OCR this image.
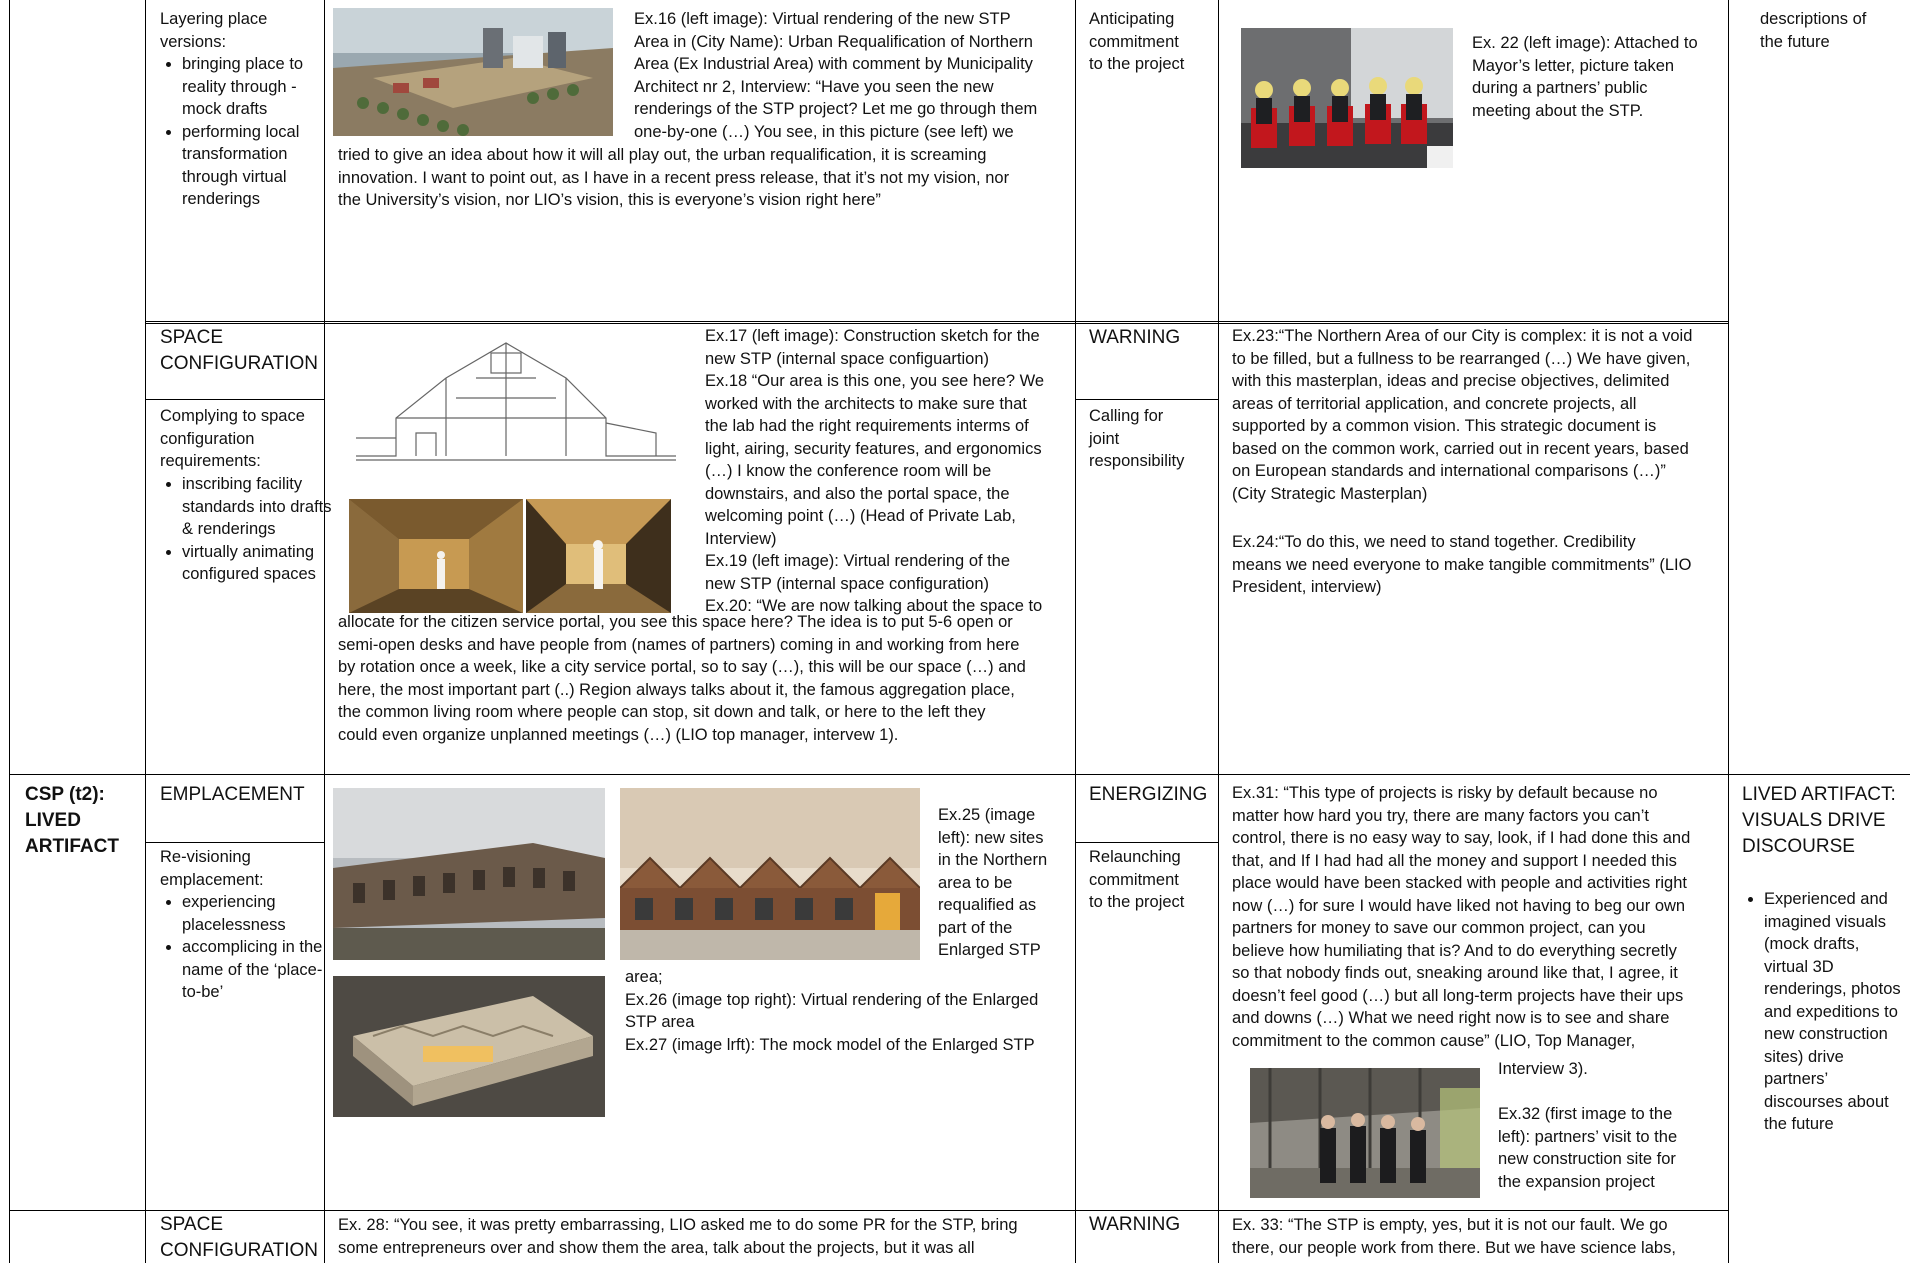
Layering place
versions:

• bringing place to reality through -mock drafts
• performing local transformation through virtual renderings

Ex.16 (left image): Virtual rendering of the new STP
Area in (City Name): Urban Requalification of Northern
Area (Ex Industrial Area) with comment by Municipality
Architect nr 2, Interview: “Have you seen the new
renderings of the STP project? Let me go through them
one-by-one (…) You see, in this picture (see left) we

tried to give an idea about how it will all play out, the urban requalification, it is screaming
innovation. I want to point out, as I have in a recent press release, that it’s not my vision, nor
the University’s vision, nor LIO’s vision, this is everyone’s vision right here”

Anticipating
commitment
to the project

Ex. 22 (left image): Attached to
Mayor’s letter, picture taken
during a partners’ public
meeting about the STP.

descriptions of
the future

SPACE
CONFIGURATION

Complying to space
configuration
requirements:

• inscribing facility standards into drafts & renderings
• virtually animating configured spaces

Ex.17 (left image): Construction sketch for the
new STP (internal space configuartion)
Ex.18 “Our area is this one, you see here? We
worked with the architects to make sure that
the lab had the right requirements interms of
light, airing, security features, and ergonomics
(…) I know the conference room will be
downstairs, and also the portal space, the
welcoming point (…) (Head of Private Lab,
Interview)
Ex.19 (left image): Virtual rendering of the
new STP (internal space configuration)
Ex.20: “We are now talking about the space to

allocate for the citizen service portal, you see this space here? The idea is to put 5-6 open or
semi-open desks and have people from (names of partners) coming in and working from here
by rotation once a week, like a city service portal, so to say (…), this will be our space (…) and
here, the most important part (..) Region always talks about it, the famous aggregation place,
the common living room where people can stop, sit down and talk, or here to the left they
could even organize unplanned meetings (…) (LIO top manager, intervew 1).

WARNING

Calling for
joint
responsibility

Ex.23:“The Northern Area of our City is complex: it is not a void
to be filled, but a fullness to be rearranged (…) We have given,
with this masterplan, ideas and precise objectives, delimited
areas of territorial application, and concrete projects, all
supported by a common vision. This strategic document is
based on the common work, carried out in recent years, based
on European standards and international comparisons (…)”
(City Strategic Masterplan)

Ex.24:“To do this, we need to stand together. Credibility
means we need everyone to make tangible commitments” (LIO
President, interview)

CSP (t2):
LIVED
ARTIFACT

EMPLACEMENT

Re-visioning
emplacement:

• experiencing placelessness
• accomplicing in the name of the ‘place-to-be’

Ex.25 (image
left): new sites
in the Northern
area to be
requalified as
part of the
Enlarged STP

area;
Ex.26 (image top right): Virtual rendering of the Enlarged
STP area
Ex.27 (image lrft): The mock model of the Enlarged STP

ENERGIZING

Relaunching
commitment
to the project

Ex.31: “This type of projects is risky by default because no
matter how hard you try, there are many factors you can’t
control, there is no easy way to say, look, if I had done this and
that, and If I had had all the money and support I needed this
place would have been stacked with people and activities right
now (…) for sure I would have liked not having to beg our own
partners for money to save our common project, can you
believe how humiliating that is? And to do everything secretly
so that nobody finds out, sneaking around like that, I agree, it
doesn’t feel good (…) but all long-term projects have their ups
and downs (…) What we need right now is to see and share
commitment to the common cause” (LIO, Top Manager,

Interview 3).

Ex.32 (first image to the
left): partners’ visit to the
new construction site for
the expansion project

LIVED ARTIFACT:
VISUALS DRIVE
DISCOURSE

• Experienced and imagined visuals (mock drafts, virtual 3D renderings, photos and expeditions to new construction sites) drive partners’ discourses about the future

SPACE
CONFIGURATION

Ex. 28: “You see, it was pretty embarrassing, LIO asked me to do some PR for the STP, bring
some entrepreneurs over and show them the area, talk about the projects, but it was all

WARNING	Ex. 33: “The STP is empty, yes, but it is not our fault. We go
there, our people work from there. But we have science labs,
